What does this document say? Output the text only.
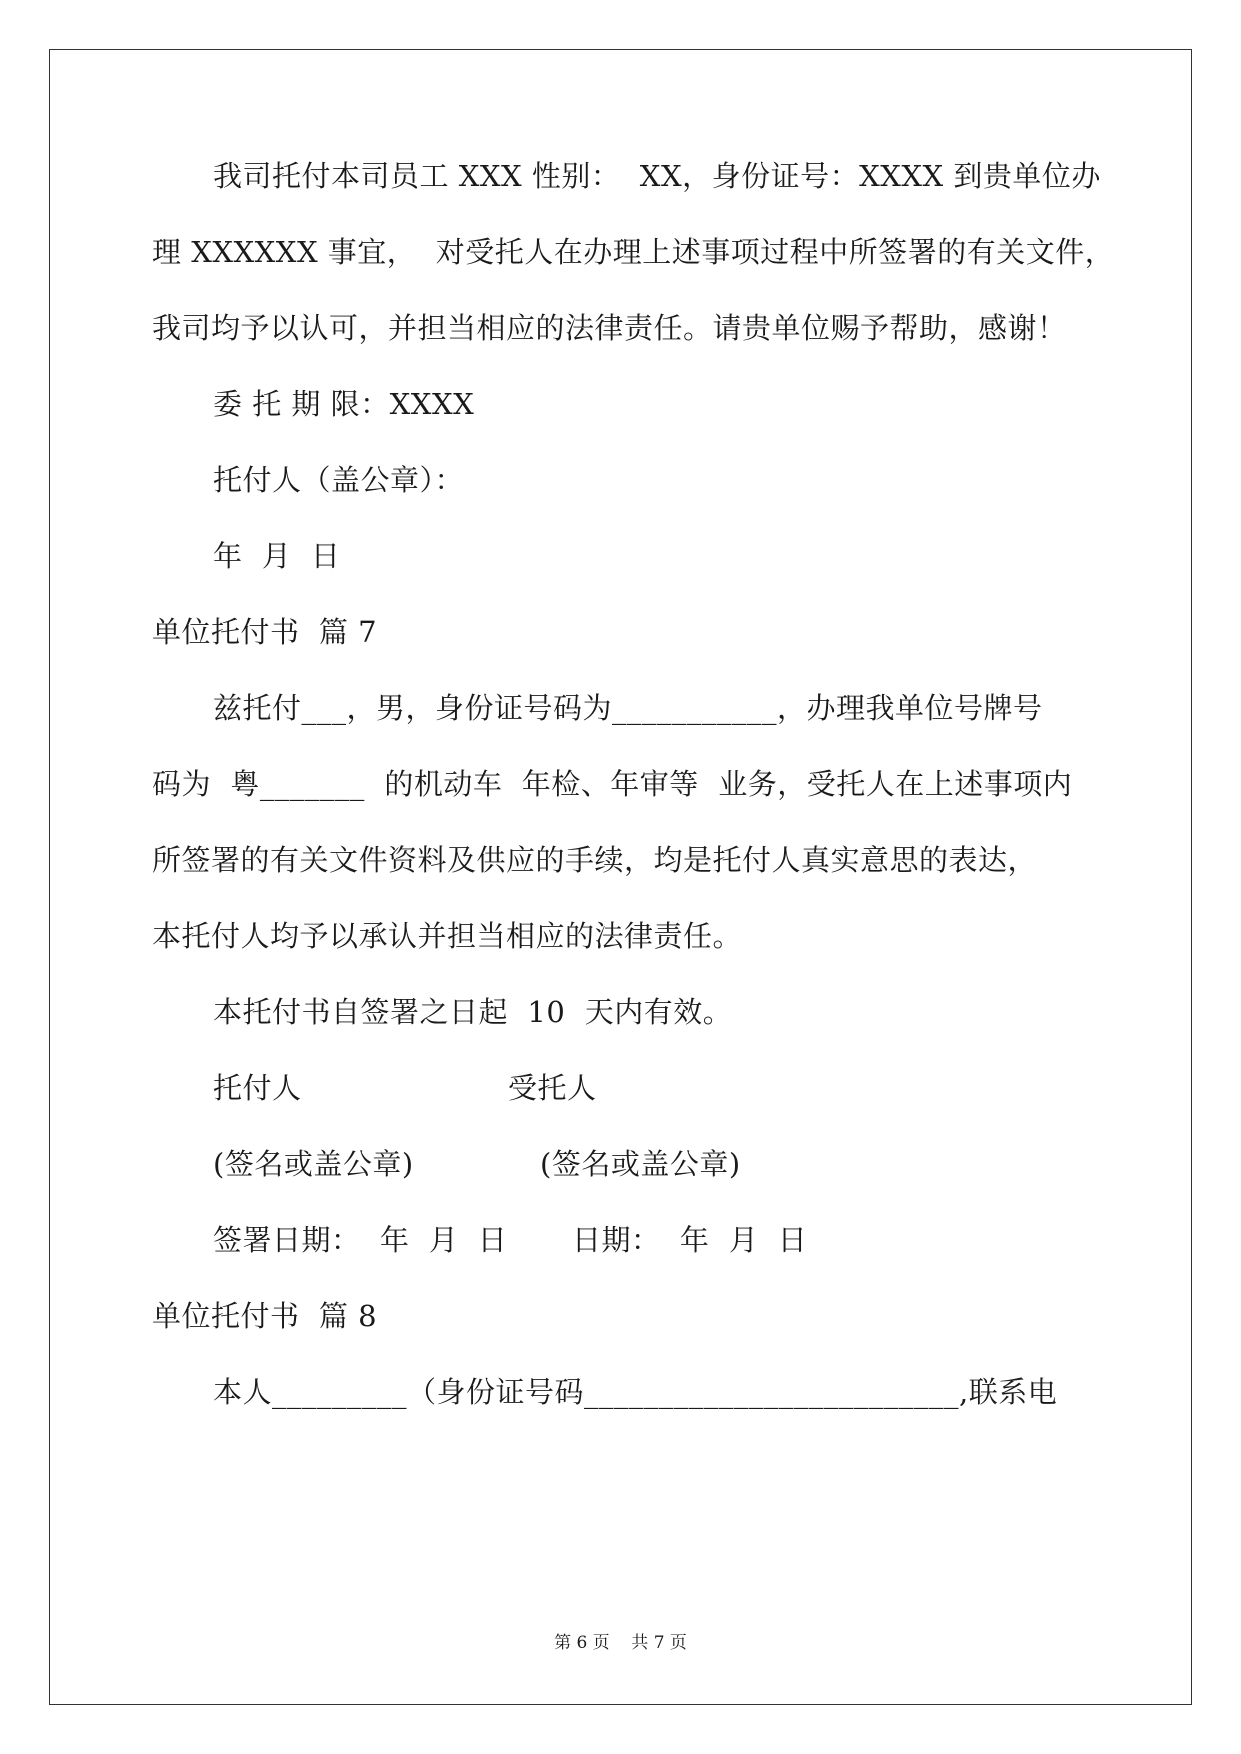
我司托付本司员工 XXX 性别：  XX，身份证号：XXXX 到贵单位办
理 XXXXXX 事宜，  对受托人在办理上述事项过程中所签署的有关文件，
我司均予以认可，并担当相应的法律责任。请贵单位赐予帮助，感谢！
委 托 期 限：XXXX
托付人（盖公章）：
年  月  日
单位托付书  篇 7
兹托付___，男，身份证号码为___________，办理我单位号牌号
码为  粤_______  的机动车  年检、年审等  业务，受托人在上述事项内
所签署的有关文件资料及供应的手续，均是托付人真实意思的表达，
本托付人均予以承认并担当相应的法律责任。
本托付书自签署之日起  10  天内有效。
托付人	受托人
(签名或盖公章)	(签名或盖公章)
签署日期：  年  月  日 日期：  年  月  日
单位托付书  篇 8
本人_________（身份证号码_________________________,联系电
第 6 页    共 7 页
